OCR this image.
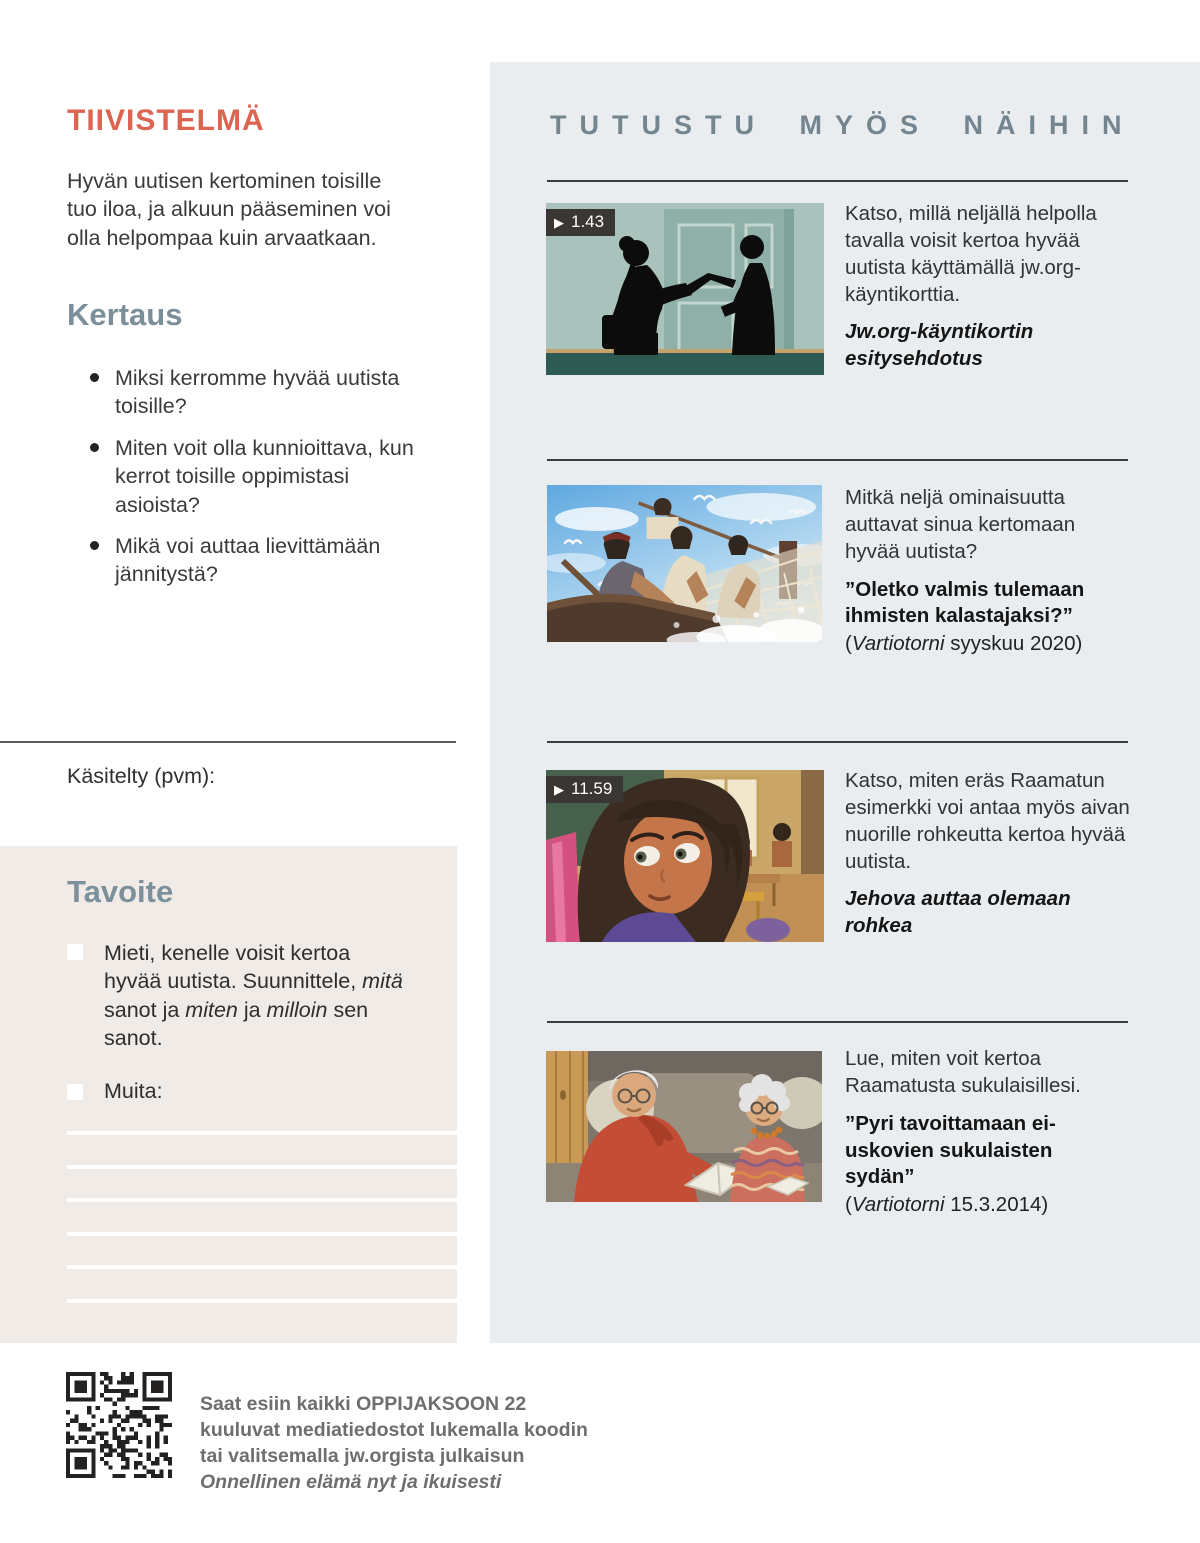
TIIVISTELMÄ
Hyvän uutisen kertominen toisille tuo iloa, ja alkuun pääseminen voi olla helpompaa kuin arvaatkaan.
Kertaus
Miksi kerromme hyvää uutista toisille?
Miten voit olla kunnioittava, kun kerrot toisille oppimistasi asioista?
Mikä voi auttaa lievittämään jännitystä?
Käsitelty (pvm):
Tavoite
Mieti, kenelle voisit kertoa hyvää uutista. Suunnittele, mitä sanot ja miten ja milloin sen sanot.
Muita:
TUTUSTU MYÖS NÄIHIN
▶ 1.43	Katso, millä neljällä helpolla tavalla voisit kertoa hyvää uutista käyttämällä jw.org-käyntikorttia.

Jw.org-käyntikortin esitysehdotus

Mitkä neljä ominaisuutta auttavat sinua kertomaan hyvää uutista?

”Oletko valmis tulemaan ihmisten kalastajaksi?”

(Vartiotorni syyskuu 2020)

▶ 11.59	Katso, miten eräs Raamatun esimerkki voi antaa myös aivan nuorille rohkeutta kertoa hyvää uutista.

Jehova auttaa olemaan rohkea

Lue, miten voit kertoa Raamatusta sukulaisillesi.

”Pyri tavoittamaan ei-uskovien sukulaisten sydän”

(Vartiotorni 15.3.2014)

Saat esiin kaikki OPPIJAKSOON 22
kuuluvat mediatiedostot lukemalla koodin
tai valitsemalla jw.orgista julkaisun
Onnellinen elämä nyt ja ikuisesti
